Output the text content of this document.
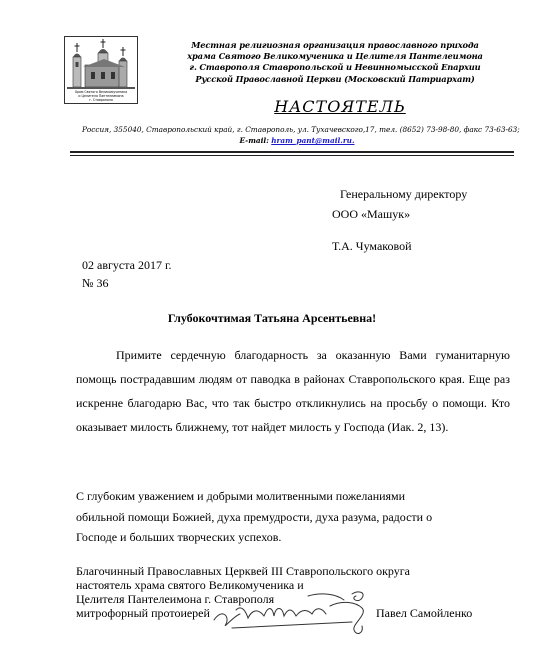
Храм Святого Великомученика
и Целителя Пантелеимона
г. Ставрополя
Местная религиозная организация православного прихода
храма Святого Великомученика и Целителя Пантелеимона
г. Ставрополя Ставропольской и Невинномысской Епархии
Русской Православной Церкви (Московский Патриархат)
НАСТОЯТЕЛЬ
Россия, 355040, Ставропольский край, г. Ставрополь, ул. Тухачевского,17, тел. (8652) 73-98-80, факс 73-63-63;
E-mail: hram_pant@mail.ru.
Генеральному директору
ООО «Машук»
Т.А. Чумаковой
02 августа 2017 г.
№ 36
Глубокочтимая Татьяна Арсентьевна!
Примите сердечную благодарность за оказанную Вами гуманитарную помощь пострадавшим людям от паводка в районах Ставропольского края. Еще раз искренне благодарю Вас, что так быстро откликнулись на просьбу о помощи. Кто оказывает милость ближнему, тот найдет милость у Господа (Иак. 2, 13).
С глубоким уважением и добрыми молитвенными пожеланиями
обильной помощи Божией, духа премудрости, духа разума, радости о
Господе и больших творческих успехов.
Благочинный Православных Церквей III Ставропольского округа
настоятель храма святого Великомученика и
Целителя Пантелеимона г. Ставрополя
митрофорный протоиерей	Павел Самойленко
